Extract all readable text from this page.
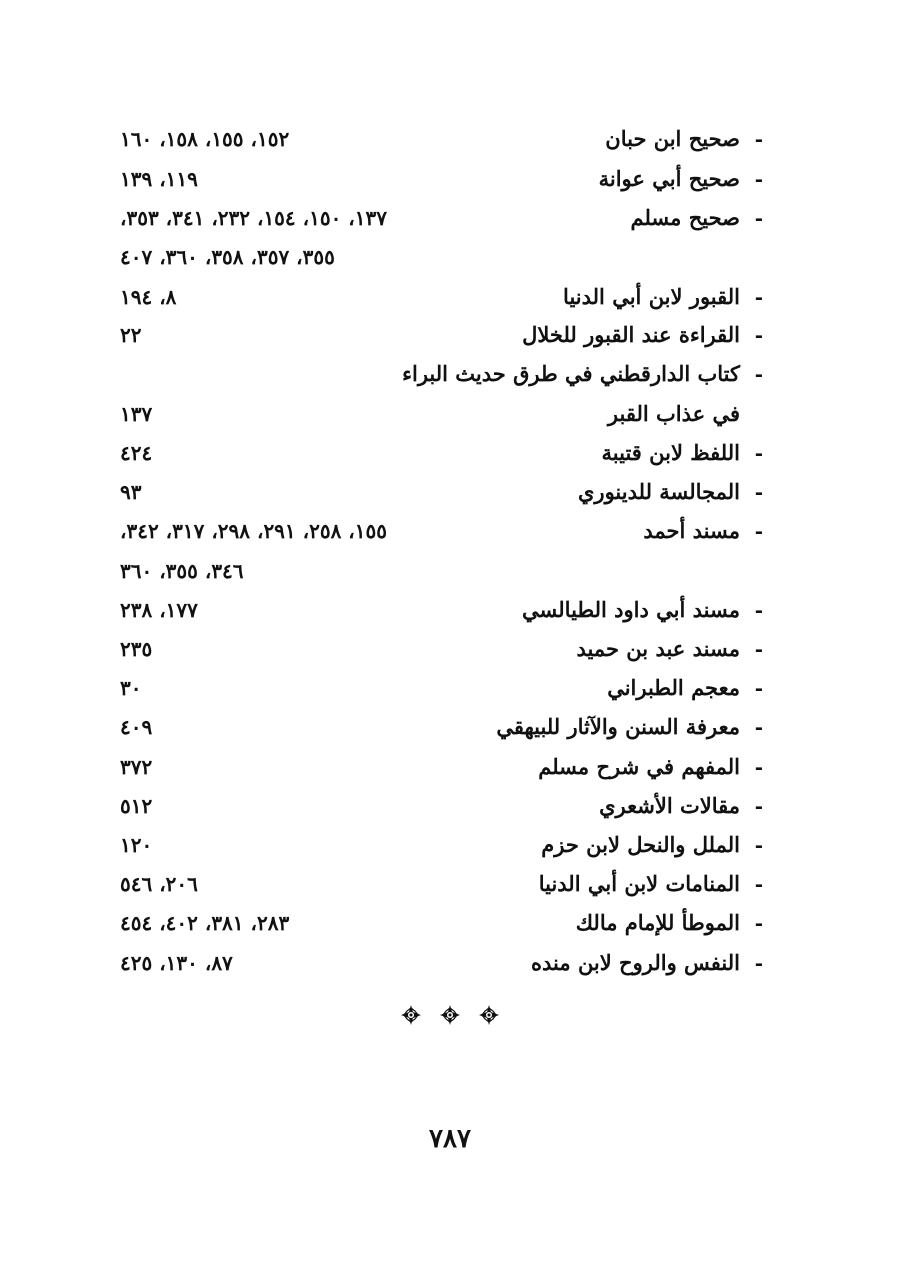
-
صحيح ابن حبان
١٥٢، ١٥٥، ١٥٨، ١٦٠
-
صحيح أبي عوانة
١١٩، ١٣٩
-
صحيح مسلم
١٣٧، ١٥٠، ١٥٤، ٢٣٢، ٣٤١، ٣٥٣،
٣٥٥، ٣٥٧، ٣٥٨، ٣٦٠، ٤٠٧
-
القبور لابن أبي الدنيا
٨، ١٩٤
-
القراءة عند القبور للخلال
٢٢
-
كتاب الدارقطني في طرق حديث البراء
في عذاب القبر
١٣٧
-
اللفظ لابن قتيبة
٤٢٤
-
المجالسة للدينوري
٩٣
-
مسند أحمد
١٥٥، ٢٥٨، ٢٩١، ٢٩٨، ٣١٧، ٣٤٢،
٣٤٦، ٣٥٥، ٣٦٠
-
مسند أبي داود الطيالسي
١٧٧، ٢٣٨
-
مسند عبد بن حميد
٢٣٥
-
معجم الطبراني
٣٠
-
معرفة السنن والآثار للبيهقي
٤٠٩
-
المفهم في شرح مسلم
٣٧٢
-
مقالات الأشعري
٥١٢
-
الملل والنحل لابن حزم
١٢٠
-
المنامات لابن أبي الدنيا
٢٠٦، ٥٤٦
-
الموطأ للإمام مالك
٢٨٣، ٣٨١، ٤٠٢، ٤٥٤
-
النفس والروح لابن منده
٨٧، ١٣٠، ٤٢٥

٧٨٧
